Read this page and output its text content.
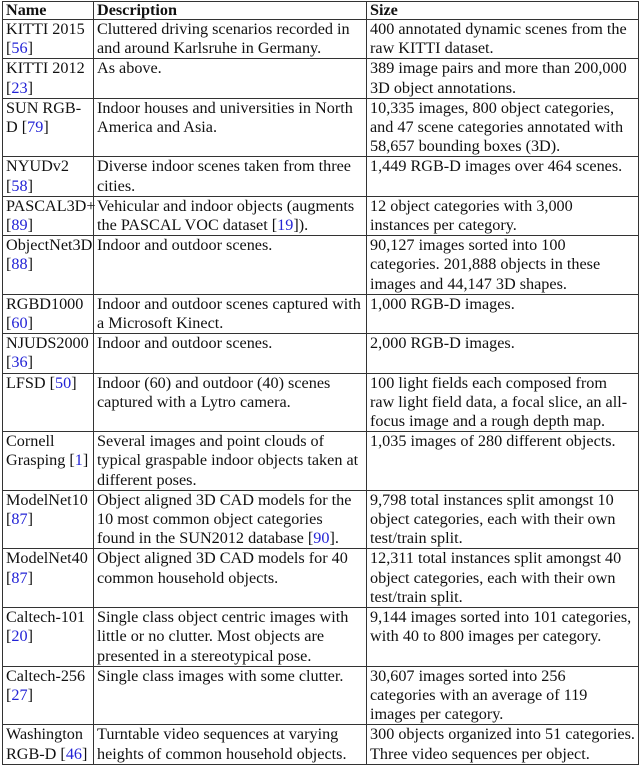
Name	Description	Size
KITTI 2015 [56]	Cluttered driving scenarios recorded in and around Karlsruhe in Germany.	400 annotated dynamic scenes from the raw KITTI dataset.
KITTI 2012 [23]	As above.	389 image pairs and more than 200,000 3D object annotations.
SUN RGB-D [79]	Indoor houses and universities in North America and Asia.	10,335 images, 800 object categories, and 47 scene categories annotated with 58,657 bounding boxes (3D).
NYUDv2 [58]	Diverse indoor scenes taken from three cities.	1,449 RGB-D images over 464 scenes.
PASCAL3D+ [89]	Vehicular and indoor objects (augments the PASCAL VOC dataset [19]).	12 object categories with 3,000 instances per category.
ObjectNet3D [88]	Indoor and outdoor scenes.	90,127 images sorted into 100 categories. 201,888 objects in these images and 44,147 3D shapes.
RGBD1000 [60]	Indoor and outdoor scenes captured with a Microsoft Kinect.	1,000 RGB-D images.
NJUDS2000 [36]	Indoor and outdoor scenes.	2,000 RGB-D images.
LFSD [50]	Indoor (60) and outdoor (40) scenes captured with a Lytro camera.	100 light fields each composed from raw light field data, a focal slice, an all-focus image and a rough depth map.
Cornell Grasping [1]	Several images and point clouds of typical graspable indoor objects taken at different poses.	1,035 images of 280 different objects.
ModelNet10 [87]	Object aligned 3D CAD models for the 10 most common object categories found in the SUN2012 database [90].	9,798 total instances split amongst 10 object categories, each with their own test/train split.
ModelNet40 [87]	Object aligned 3D CAD models for 40 common household objects.	12,311 total instances split amongst 40 object categories, each with their own test/train split.
Caltech-101 [20]	Single class object centric images with little or no clutter. Most objects are presented in a stereotypical pose.	9,144 images sorted into 101 categories, with 40 to 800 images per category.
Caltech-256 [27]	Single class images with some clutter.	30,607 images sorted into 256 categories with an average of 119 images per category.
Washington RGB-D [46]	Turntable video sequences at varying heights of common household objects.	300 objects organized into 51 categories. Three video sequences per object.
